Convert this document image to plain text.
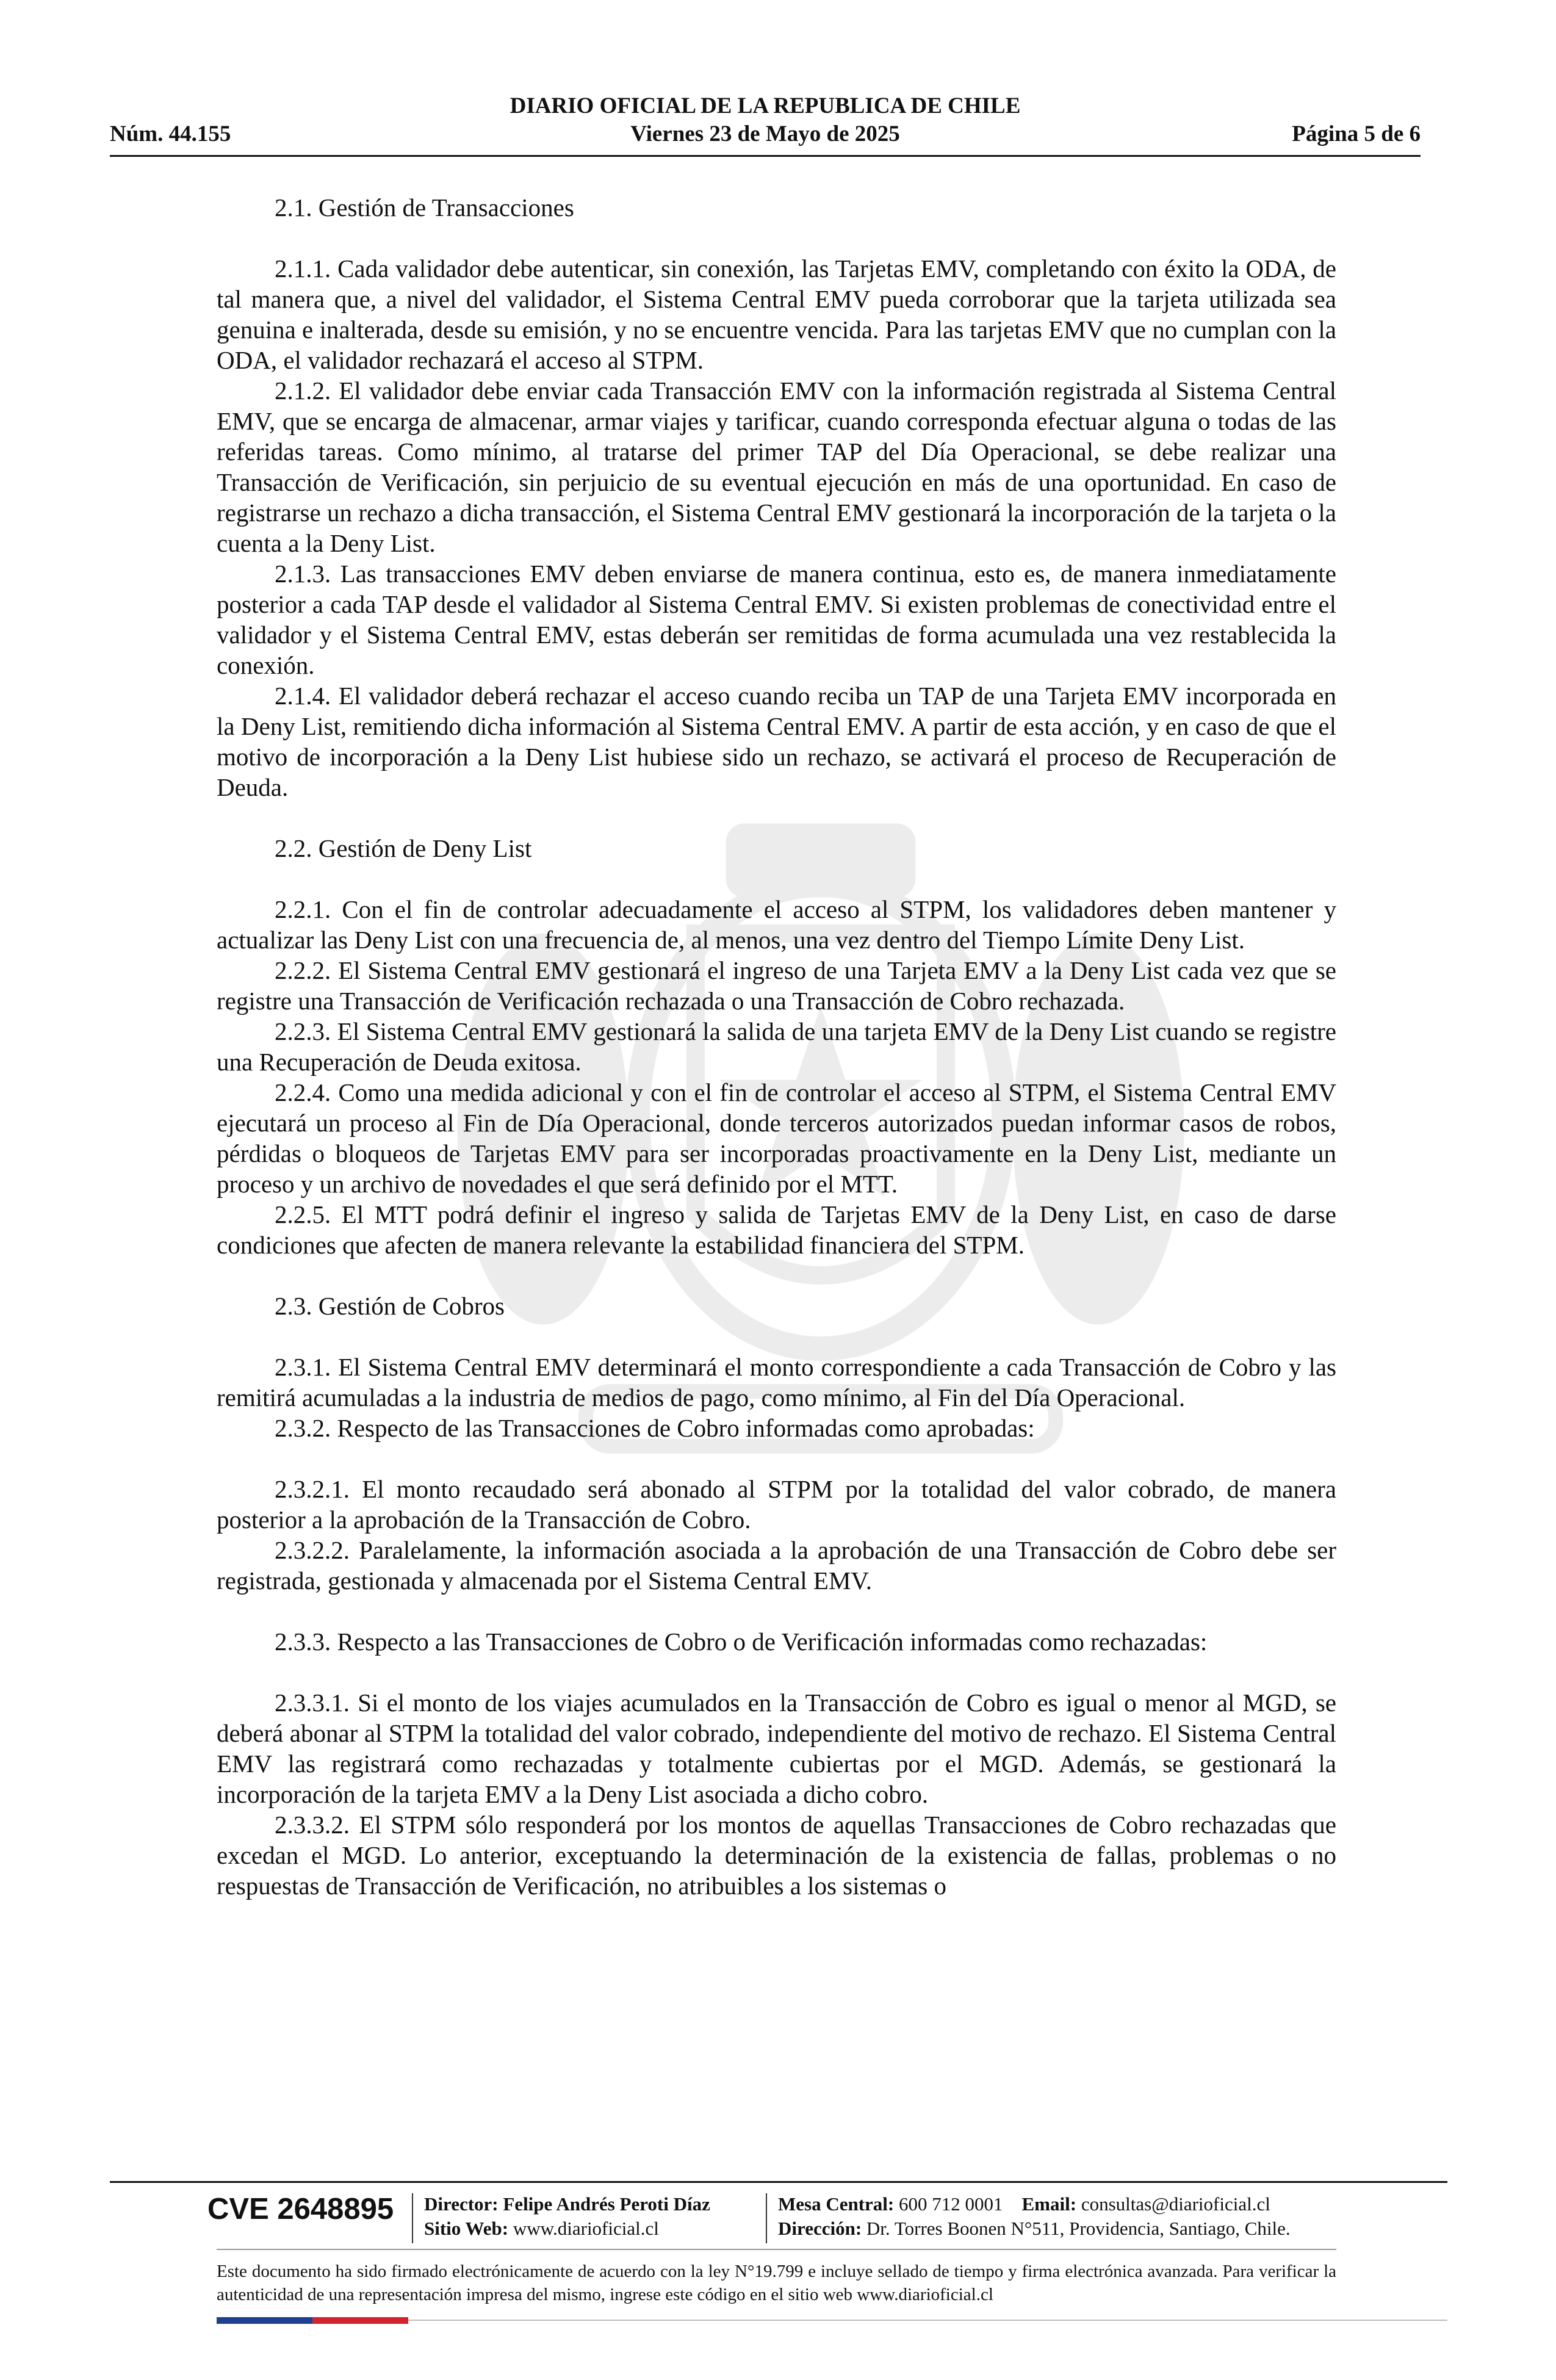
DIARIO OFICIAL DE LA REPUBLICA DE CHILE
Núm. 44.155	Viernes 23 de Mayo de 2025	Página 5 de 6

2.1. Gestión de Transacciones

2.1.1. Cada validador debe autenticar, sin conexión, las Tarjetas EMV, completando con éxito la ODA, de tal manera que, a nivel del validador, el Sistema Central EMV pueda corroborar que la tarjeta utilizada sea genuina e inalterada, desde su emisión, y no se encuentre vencida. Para las tarjetas EMV que no cumplan con la ODA, el validador rechazará el acceso al STPM.

2.1.2. El validador debe enviar cada Transacción EMV con la información registrada al Sistema Central EMV, que se encarga de almacenar, armar viajes y tarificar, cuando corresponda efectuar alguna o todas de las referidas tareas. Como mínimo, al tratarse del primer TAP del Día Operacional, se debe realizar una Transacción de Verificación, sin perjuicio de su eventual ejecución en más de una oportunidad. En caso de registrarse un rechazo a dicha transacción, el Sistema Central EMV gestionará la incorporación de la tarjeta o la cuenta a la Deny List.

2.1.3. Las transacciones EMV deben enviarse de manera continua, esto es, de manera inmediatamente posterior a cada TAP desde el validador al Sistema Central EMV. Si existen problemas de conectividad entre el validador y el Sistema Central EMV, estas deberán ser remitidas de forma acumulada una vez restablecida la conexión.

2.1.4. El validador deberá rechazar el acceso cuando reciba un TAP de una Tarjeta EMV incorporada en la Deny List, remitiendo dicha información al Sistema Central EMV. A partir de esta acción, y en caso de que el motivo de incorporación a la Deny List hubiese sido un rechazo, se activará el proceso de Recuperación de Deuda.

2.2. Gestión de Deny List

2.2.1. Con el fin de controlar adecuadamente el acceso al STPM, los validadores deben mantener y actualizar las Deny List con una frecuencia de, al menos, una vez dentro del Tiempo Límite Deny List.

2.2.2. El Sistema Central EMV gestionará el ingreso de una Tarjeta EMV a la Deny List cada vez que se registre una Transacción de Verificación rechazada o una Transacción de Cobro rechazada.

2.2.3. El Sistema Central EMV gestionará la salida de una tarjeta EMV de la Deny List cuando se registre una Recuperación de Deuda exitosa.

2.2.4. Como una medida adicional y con el fin de controlar el acceso al STPM, el Sistema Central EMV ejecutará un proceso al Fin de Día Operacional, donde terceros autorizados puedan informar casos de robos, pérdidas o bloqueos de Tarjetas EMV para ser incorporadas proactivamente en la Deny List, mediante un proceso y un archivo de novedades el que será definido por el MTT.

2.2.5. El MTT podrá definir el ingreso y salida de Tarjetas EMV de la Deny List, en caso de darse condiciones que afecten de manera relevante la estabilidad financiera del STPM.

2.3. Gestión de Cobros

2.3.1. El Sistema Central EMV determinará el monto correspondiente a cada Transacción de Cobro y las remitirá acumuladas a la industria de medios de pago, como mínimo, al Fin del Día Operacional.

2.3.2. Respecto de las Transacciones de Cobro informadas como aprobadas:

2.3.2.1. El monto recaudado será abonado al STPM por la totalidad del valor cobrado, de manera posterior a la aprobación de la Transacción de Cobro.

2.3.2.2. Paralelamente, la información asociada a la aprobación de una Transacción de Cobro debe ser registrada, gestionada y almacenada por el Sistema Central EMV.

2.3.3. Respecto a las Transacciones de Cobro o de Verificación informadas como rechazadas:

2.3.3.1. Si el monto de los viajes acumulados en la Transacción de Cobro es igual o menor al MGD, se deberá abonar al STPM la totalidad del valor cobrado, independiente del motivo de rechazo. El Sistema Central EMV las registrará como rechazadas y totalmente cubiertas por el MGD. Además, se gestionará la incorporación de la tarjeta EMV a la Deny List asociada a dicho cobro.

2.3.3.2. El STPM sólo responderá por los montos de aquellas Transacciones de Cobro rechazadas que excedan el MGD. Lo anterior, exceptuando la determinación de la existencia de fallas, problemas o no respuestas de Transacción de Verificación, no atribuibles a los sistemas o

CVE 2648895 Director: Felipe Andrés Peroti Díaz
Sitio Web: www.diarioficial.cl
Mesa Central: 600 712 0001 Email: consultas@diarioficial.cl
Dirección: Dr. Torres Boonen N°511, Providencia, Santiago, Chile.
Este documento ha sido firmado electrónicamente de acuerdo con la ley N°19.799 e incluye sellado de tiempo y firma electrónica avanzada. Para verificar la autenticidad de una representación impresa del mismo, ingrese este código en el sitio web www.diarioficial.cl
